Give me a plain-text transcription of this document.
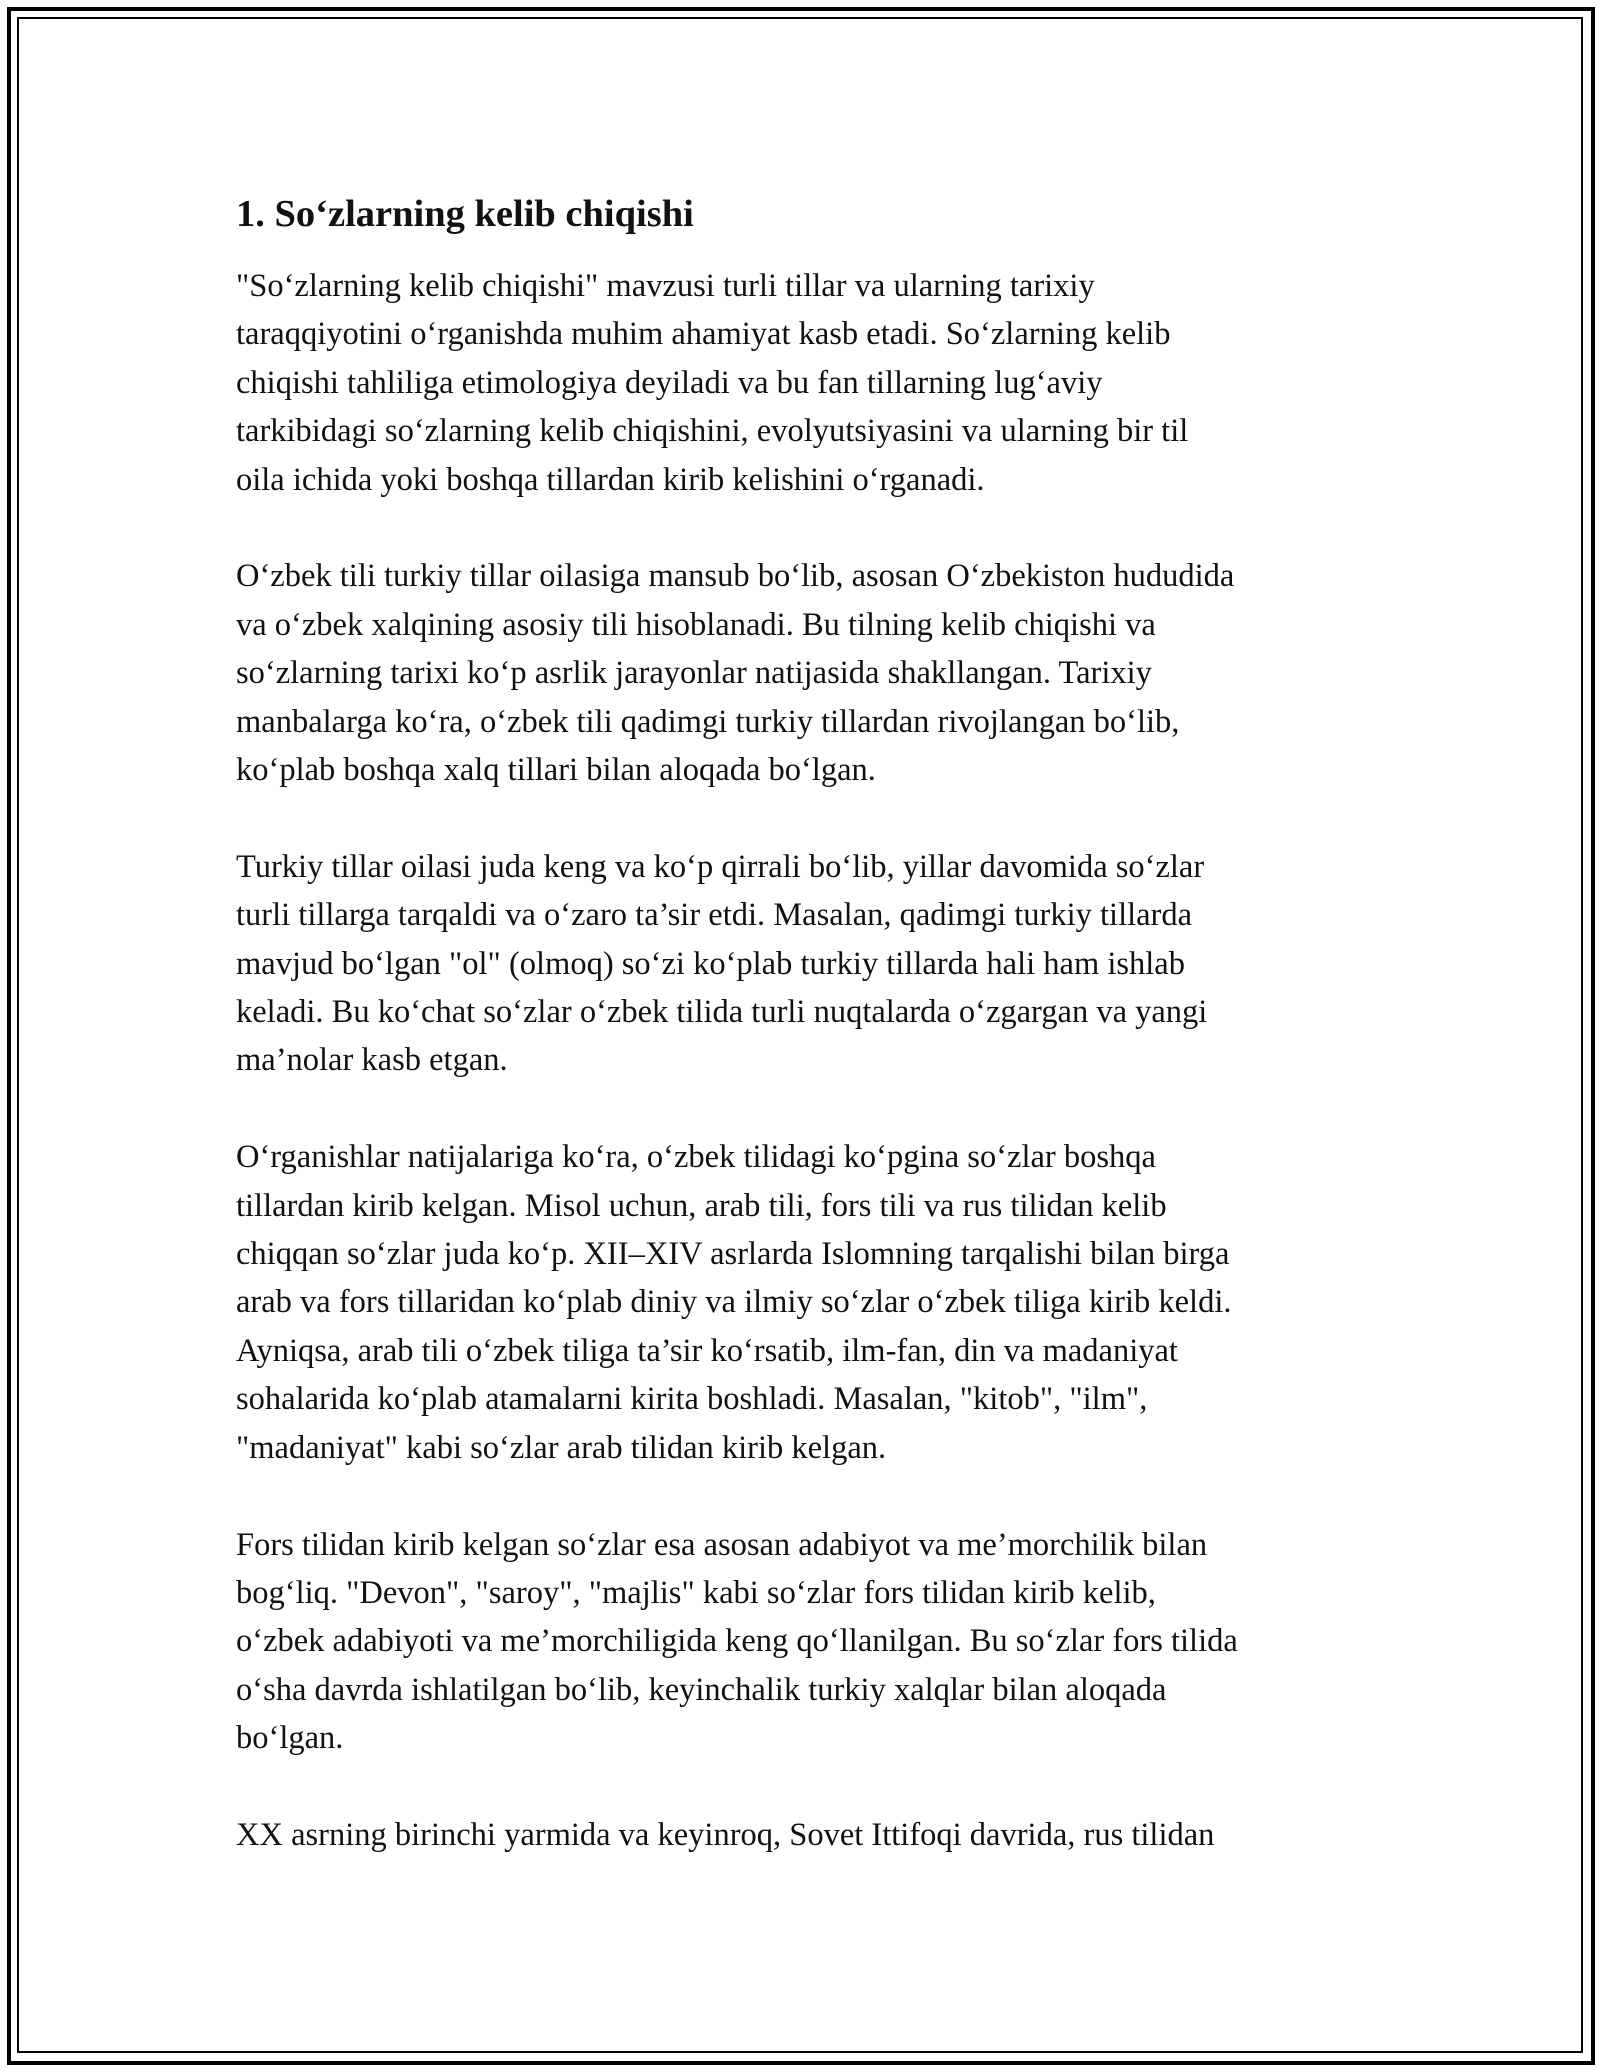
1. So‘zlarning kelib chiqishi

"So‘zlarning kelib chiqishi" mavzusi turli tillar va ularning tarixiy
taraqqiyotini o‘rganishda muhim ahamiyat kasb etadi. So‘zlarning kelib
chiqishi tahliliga etimologiya deyiladi va bu fan tillarning lug‘aviy
tarkibidagi so‘zlarning kelib chiqishini, evolyutsiyasini va ularning bir til
oila ichida yoki boshqa tillardan kirib kelishini o‘rganadi.

O‘zbek tili turkiy tillar oilasiga mansub bo‘lib, asosan O‘zbekiston hududida
va o‘zbek xalqining asosiy tili hisoblanadi. Bu tilning kelib chiqishi va
so‘zlarning tarixi ko‘p asrlik jarayonlar natijasida shakllangan. Tarixiy
manbalarga ko‘ra, o‘zbek tili qadimgi turkiy tillardan rivojlangan bo‘lib,
ko‘plab boshqa xalq tillari bilan aloqada bo‘lgan.

Turkiy tillar oilasi juda keng va ko‘p qirrali bo‘lib, yillar davomida so‘zlar
turli tillarga tarqaldi va o‘zaro ta’sir etdi. Masalan, qadimgi turkiy tillarda
mavjud bo‘lgan "ol" (olmoq) so‘zi ko‘plab turkiy tillarda hali ham ishlab
keladi. Bu ko‘chat so‘zlar o‘zbek tilida turli nuqtalarda o‘zgargan va yangi
ma’nolar kasb etgan.

O‘rganishlar natijalariga ko‘ra, o‘zbek tilidagi ko‘pgina so‘zlar boshqa
tillardan kirib kelgan. Misol uchun, arab tili, fors tili va rus tilidan kelib
chiqqan so‘zlar juda ko‘p. XII–XIV asrlarda Islomning tarqalishi bilan birga
arab va fors tillaridan ko‘plab diniy va ilmiy so‘zlar o‘zbek tiliga kirib keldi.
Ayniqsa, arab tili o‘zbek tiliga ta’sir ko‘rsatib, ilm-fan, din va madaniyat
sohalarida ko‘plab atamalarni kirita boshladi. Masalan, "kitob", "ilm",
"madaniyat" kabi so‘zlar arab tilidan kirib kelgan.

Fors tilidan kirib kelgan so‘zlar esa asosan adabiyot va me’morchilik bilan
bog‘liq. "Devon", "saroy", "majlis" kabi so‘zlar fors tilidan kirib kelib,
o‘zbek adabiyoti va me’morchiligida keng qo‘llanilgan. Bu so‘zlar fors tilida
o‘sha davrda ishlatilgan bo‘lib, keyinchalik turkiy xalqlar bilan aloqada
bo‘lgan.

XX asrning birinchi yarmida va keyinroq, Sovet Ittifoqi davrida, rus tilidan
